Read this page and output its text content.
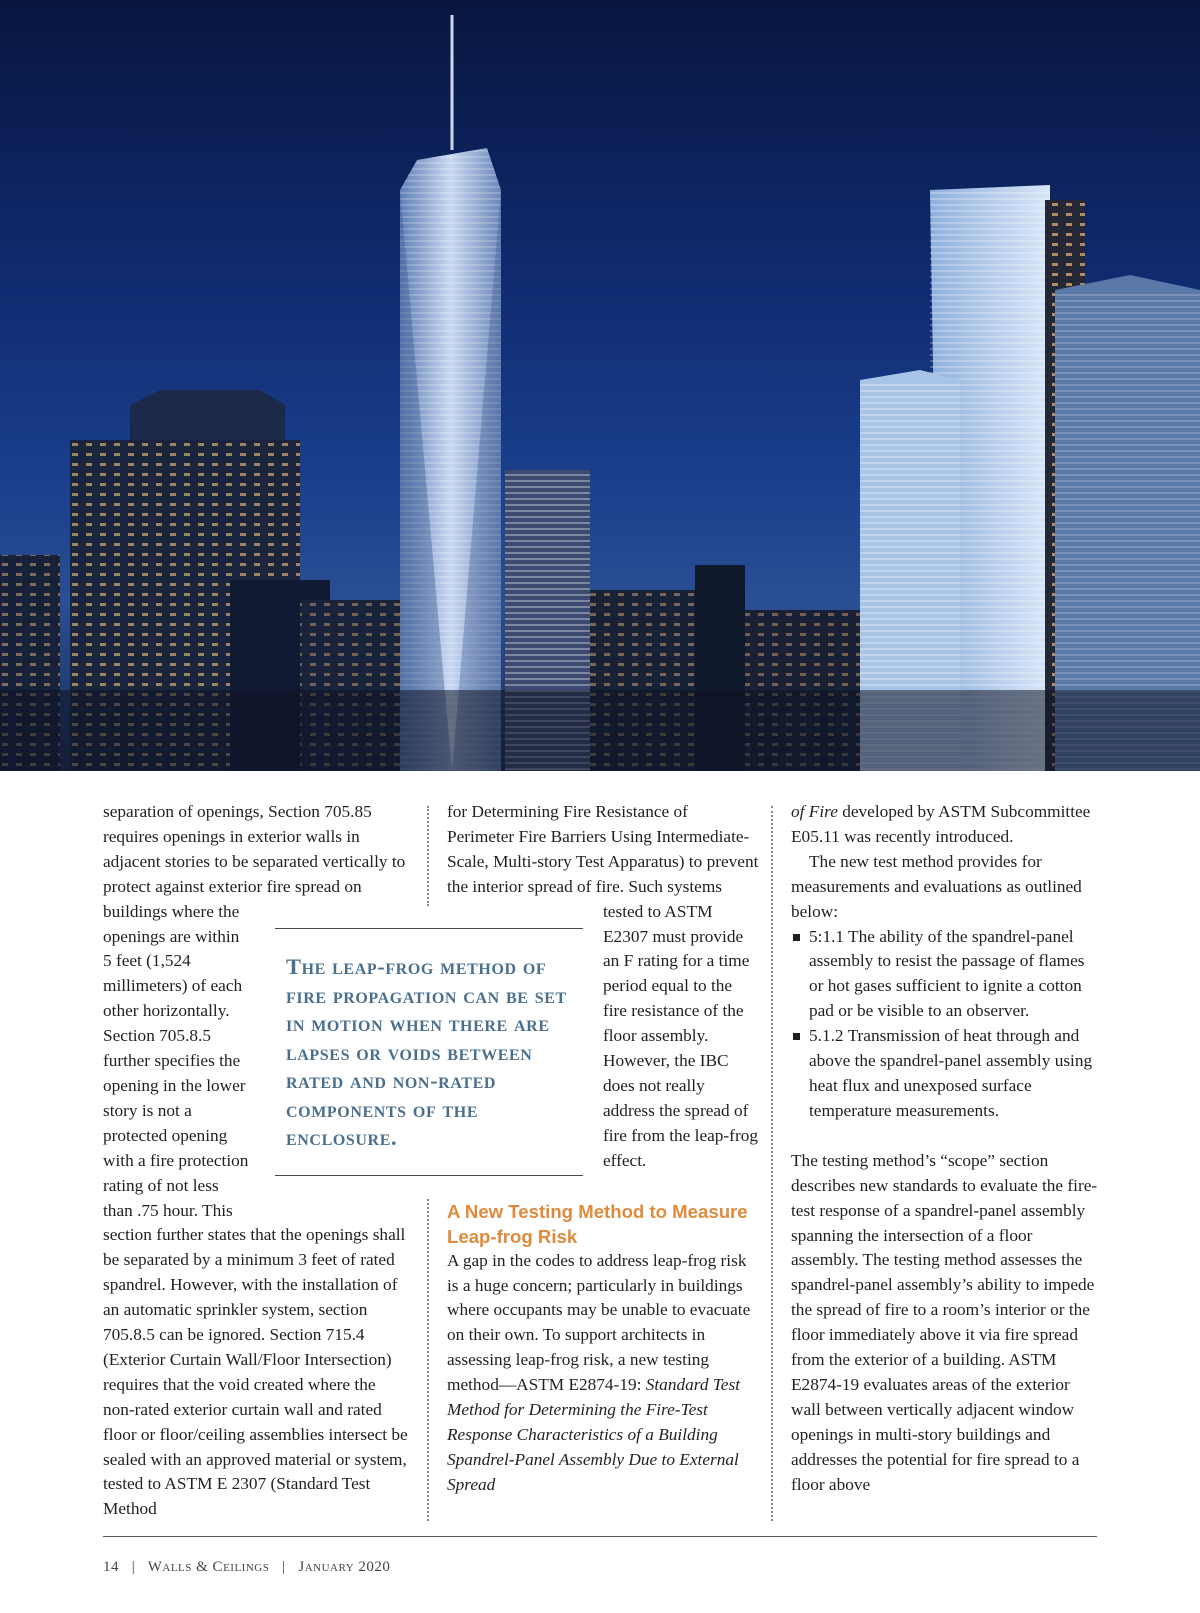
separation of openings, Section 705.85 requires openings in exterior walls in adjacent stories to be separated vertically to protect against exterior fire spread on buildings where the openings are within 5 feet (1,524 millimeters) of each other horizontally. Section 705.8.5 further specifies the opening in the lower story is not a protected opening with a fire protection rating of not less than .75 hour. This section further states that the openings shall be separated by a minimum 3 feet of rated spandrel. However, with the installation of an automatic sprinkler system, section 705.8.5 can be ignored. Section 715.4 (Exterior Curtain Wall/Floor Intersection) requires that the void created where the non-rated exterior curtain wall and rated floor or floor/ceiling assemblies intersect be sealed with an approved material or system, tested to ASTM E 2307 (Standard Test Method

The leap-frog method of fire propagation can be set in motion when there are lapses or voids between rated and non-rated components of the enclosure.

for Determining Fire Resistance of Perimeter Fire Barriers Using Intermediate-Scale, Multi-story Test Apparatus) to prevent the interior spread of fire. Such systems tested to ASTM E2307 must provide an F rating for a time period equal to the fire resistance of the floor assembly. However, the IBC does not really address the spread of fire from the leap-frog effect.

A New Testing Method to Measure Leap-frog Risk

A gap in the codes to address leap-frog risk is a huge concern; particularly in buildings where occupants may be unable to evacuate on their own. To support architects in assessing leap-frog risk, a new testing method—ASTM E2874-19: Standard Test Method for Determining the Fire-Test Response Characteristics of a Building Spandrel-Panel Assembly Due to External Spread

of Fire developed by ASTM Subcommittee E05.11 was recently introduced.

The new test method provides for measurements and evaluations as outlined below:

5:1.1 The ability of the spandrel-panel assembly to resist the passage of flames or hot gases sufficient to ignite a cotton pad or be visible to an observer.
5.1.2 Transmission of heat through and above the spandrel-panel assembly using heat flux and unexposed surface temperature measurements.

The testing method’s “scope” section describes new standards to evaluate the fire-test response of a spandrel-panel assembly spanning the intersection of a floor assembly. The testing method assesses the spandrel-panel assembly’s ability to impede the spread of fire to a room’s interior or the floor immediately above it via fire spread from the exterior of a building. ASTM E2874-19 evaluates areas of the exterior wall between vertically adjacent window openings in multi-story buildings and addresses the potential for fire spread to a floor above

14   |   Walls & Ceilings   |   January 2020
